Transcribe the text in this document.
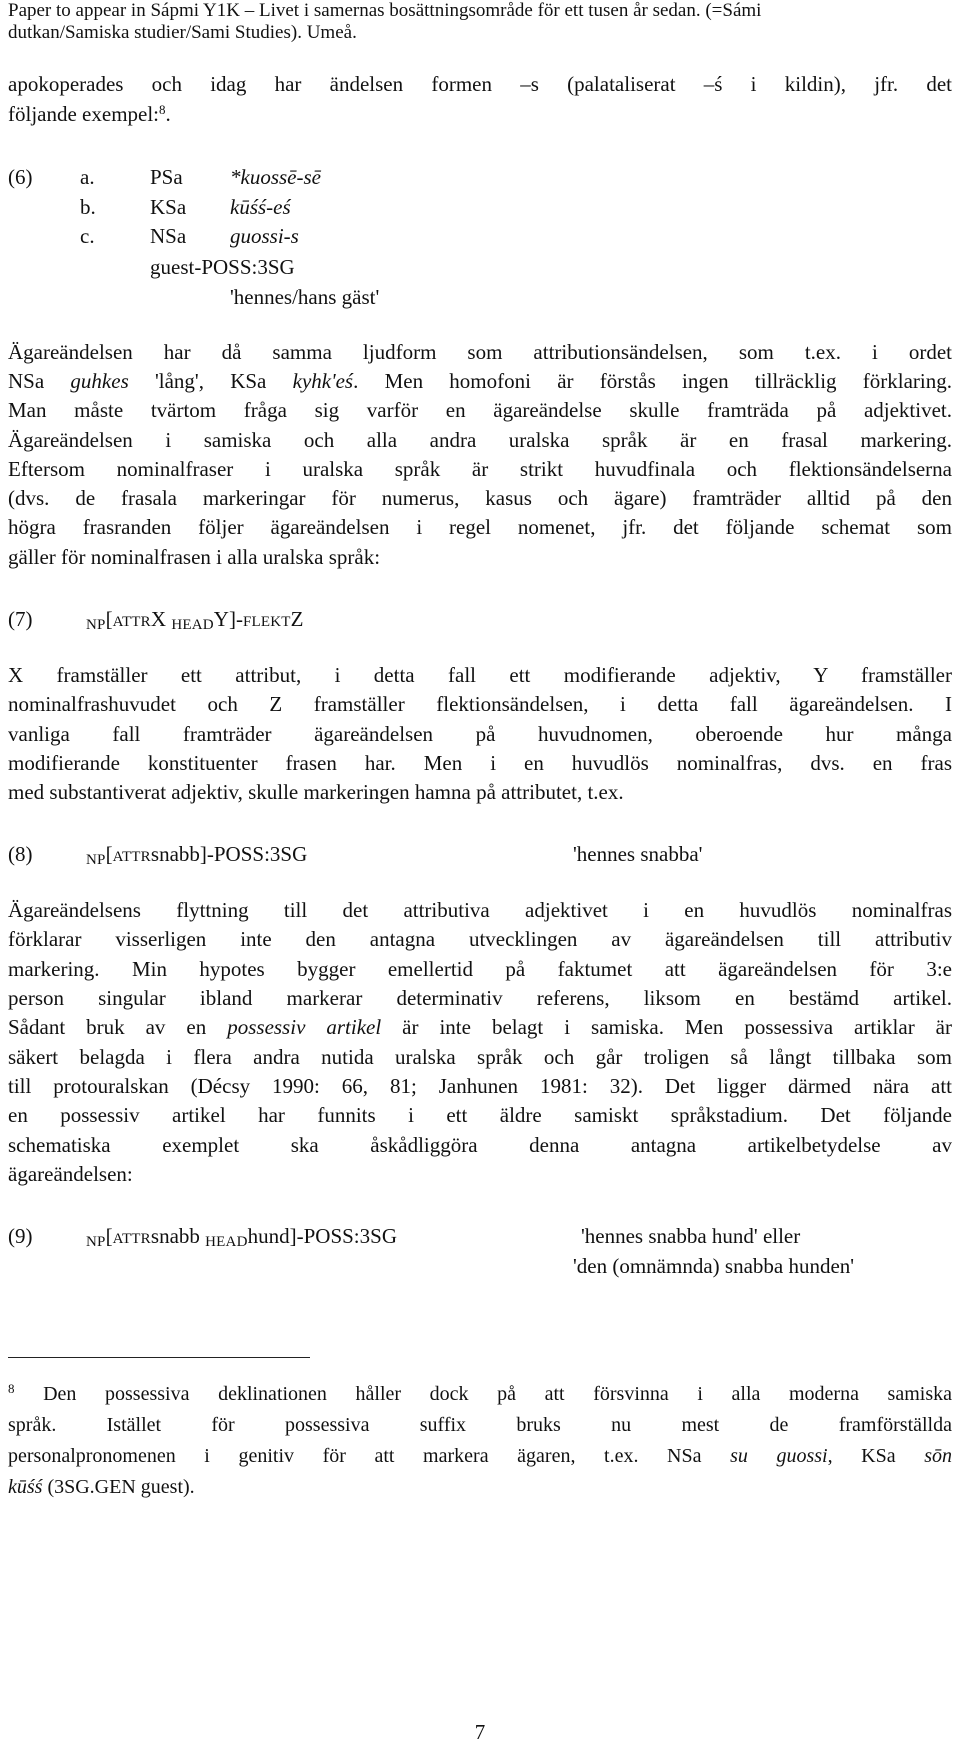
Paper to appear in Sápmi Y1K – Livet i samernas bosättningsområde för ett tusen år sedan. (=Sámi
dutkan/Samiska studier/Sami Studies). Umeå.
apokoperades och idag har ändelsen formen –s (palataliserat –ś i kildin), jfr. det
följande exempel:$^8$.
(6) a.	PSa *kuossē-sē
b.	KSa kūśś-eś
c.	NSa guossi-s
guest-POSS:3SG
'hennes/hans gäst'
Ägareändelsen har då samma ljudform som attributionsändelsen, som t.ex. i ordet
NSa guhkes 'lång', KSa kyhk'eś. Men homofoni är förstås ingen tillräcklig förklaring.
Man måste tvärtom fråga sig varför en ägareändelse skulle framträda på adjektivet.
Ägareändelsen i samiska och alla andra uralska språk är en frasal markering.
Eftersom nominalfraser i uralska språk är strikt huvudfinala och flektionsändelserna
(dvs. de frasala markeringar för numerus, kasus och ägare) framträder alltid på den
högra frasranden följer ägareändelsen i regel nomenet, jfr. det följande schemat som
gäller för nominalfrasen i alla uralska språk:
(7)	$_{NP}$[ATTRX $_{HEAD}$Y]-FLEKTZ
X framställer ett attribut, i detta fall ett modifierande adjektiv, Y framställer
nominalfrashuvudet och Z framställer flektionsändelsen, i detta fall ägareändelsen. I
vanliga fall framträder ägareändelsen på huvudnomen, oberoende hur många
modifierande konstituenter frasen har. Men i en huvudlös nominalfras, dvs. en fras
med substantiverat adjektiv, skulle markeringen hamna på attributet, t.ex.
(8)	$_{NP}$[ATTRsnabb]-POSS:3SG	'hennes snabba'
Ägareändelsens flyttning till det attributiva adjektivet i en huvudlös nominalfras
förklarar visserligen inte den antagna utvecklingen av ägareändelsen till attributiv
markering. Min hypotes bygger emellertid på faktumet att ägareändelsen för 3:e
person singular ibland markerar determinativ referens, liksom en bestämd artikel.
Sådant bruk av en possessiv artikel är inte belagt i samiska. Men possessiva artiklar är
säkert belagda i flera andra nutida uralska språk och går troligen så långt tillbaka som
till protouralskan (Décsy 1990: 66, 81; Janhunen 1981: 32). Det ligger därmed nära att
en possessiv artikel har funnits i ett äldre samiskt språkstadium. Det följande
schematiska exemplet ska åskådliggöra denna antagna artikelbetydelse av
ägareändelsen:
(9)	$_{NP}$[ATTRsnabb $_{HEAD}$hund]-POSS:3SG	'hennes snabba hund' eller
'den (omnämnda) snabba hunden'
$^8$ Den possessiva deklinationen håller dock på att försvinna i alla moderna samiska
språk. Istället för possessiva suffix bruks nu mest de framförställda
personalpronomenen i genitiv för att markera ägaren, t.ex. NSa su guossi, KSa sōn
kūśś (3SG.GEN guest).
7
